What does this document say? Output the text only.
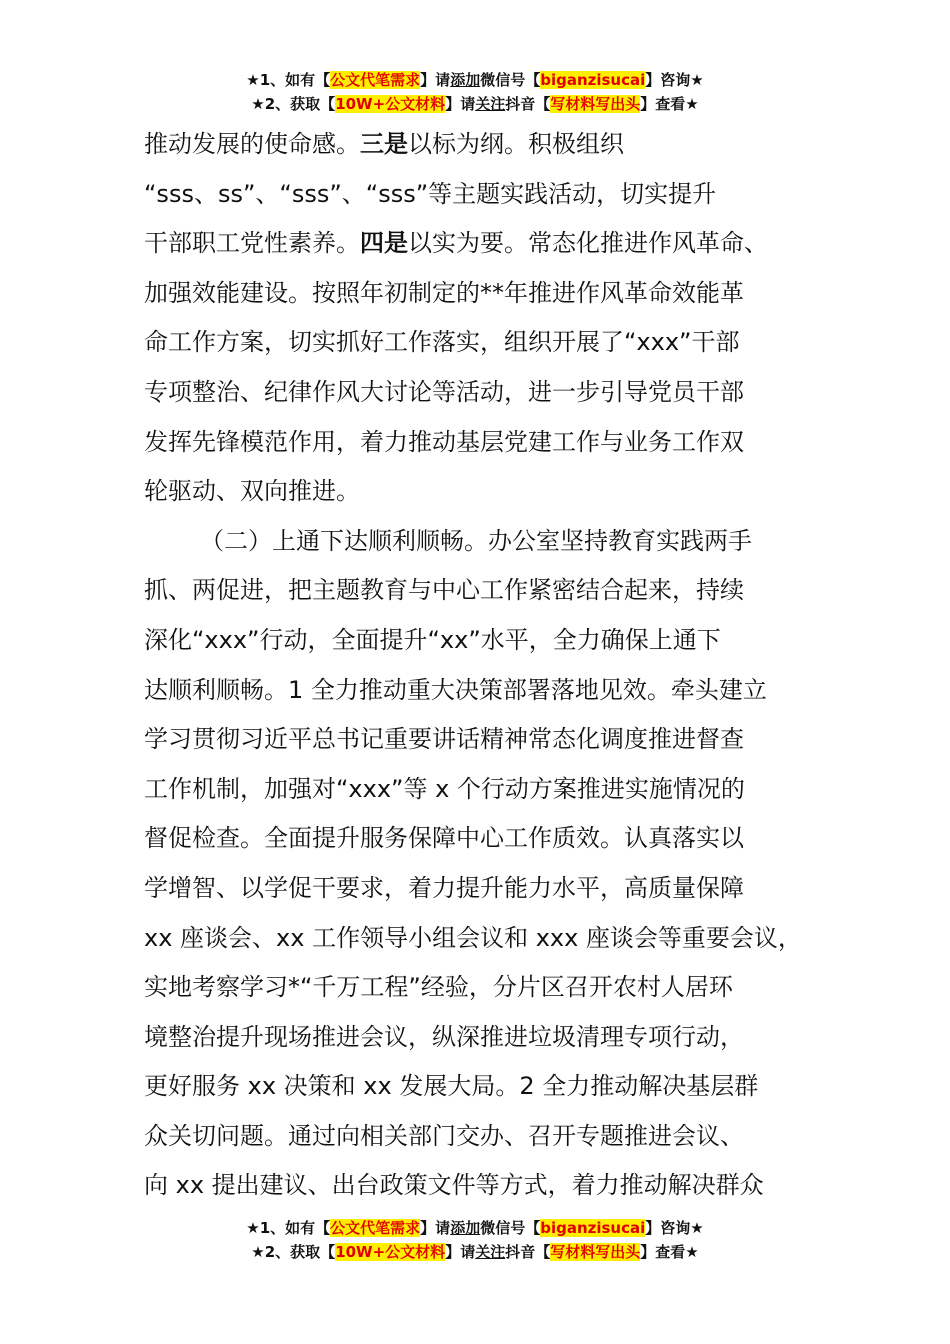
★1、如有【公文代笔需求】请添加微信号【biganzisucai】咨询★
★2、获取【10W+公文材料】请关注抖音【写材料写出头】查看★
推动发展的使命感。三是以标为纲。积极组织
“sss、ss”、“sss”、“sss”等主题实践活动，切实提升
干部职工党性素养。四是以实为要。常态化推进作风革命、
加强效能建设。按照年初制定的**年推进作风革命效能革
命工作方案，切实抓好工作落实，组织开展了“xxx”干部
专项整治、纪律作风大讨论等活动，进一步引导党员干部
发挥先锋模范作用，着力推动基层党建工作与业务工作双
轮驱动、双向推进。
（二）上通下达顺利顺畅。办公室坚持教育实践两手
抓、两促进，把主题教育与中心工作紧密结合起来，持续
深化“xxx”行动，全面提升“xx”水平，全力确保上通下
达顺利顺畅。1 全力推动重大决策部署落地见效。牵头建立
学习贯彻习近平总书记重要讲话精神常态化调度推进督查
工作机制，加强对“xxx”等 x 个行动方案推进实施情况的
督促检查。全面提升服务保障中心工作质效。认真落实以
学增智、以学促干要求，着力提升能力水平，高质量保障
xx 座谈会、xx 工作领导小组会议和 xxx 座谈会等重要会议，
实地考察学习*“千万工程”经验，分片区召开农村人居环
境整治提升现场推进会议，纵深推进垃圾清理专项行动，
更好服务 xx 决策和 xx 发展大局。2 全力推动解决基层群
众关切问题。通过向相关部门交办、召开专题推进会议、
向 xx 提出建议、出台政策文件等方式，着力推动解决群众
★1、如有【公文代笔需求】请添加微信号【biganzisucai】咨询★
★2、获取【10W+公文材料】请关注抖音【写材料写出头】查看★
